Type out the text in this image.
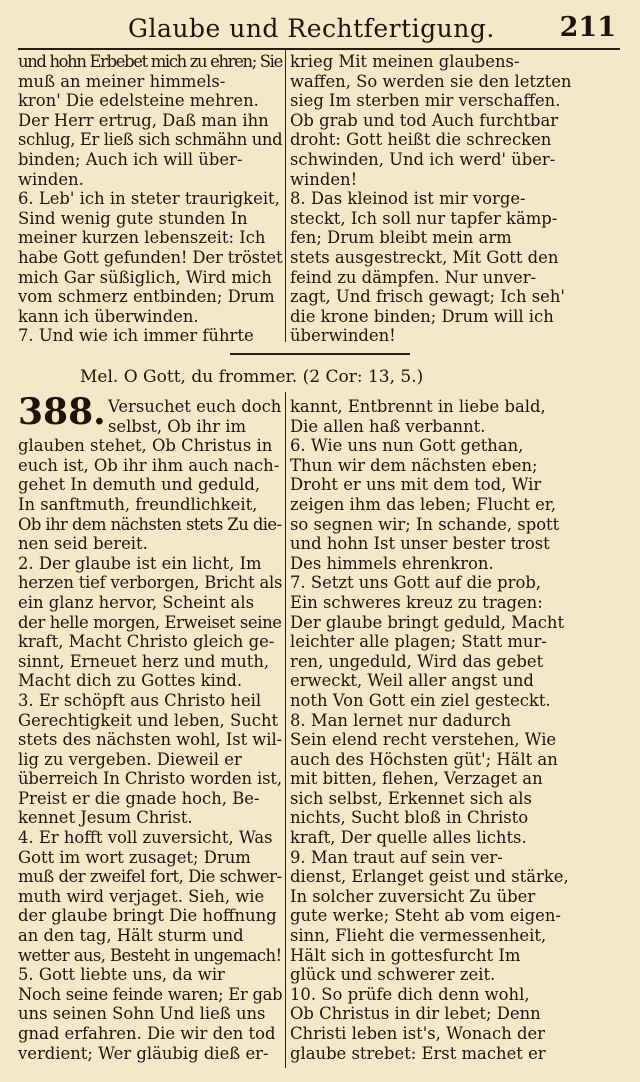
Glaube und Rechtfertigung. 211
und hohn Erbebet mich zu ehren; Sie
muß an meiner himmels-
kron' Die edelsteine mehren.
Der Herr ertrug, Daß man ihn
schlug, Er ließ sich schmähn und
binden; Auch ich will über-
winden.
6. Leb' ich in steter traurigkeit,
Sind wenig gute stunden In
meiner kurzen lebenszeit: Ich
habe Gott gefunden! Der tröstet
mich Gar süßiglich, Wird mich
vom schmerz entbinden; Drum
kann ich überwinden.
7. Und wie ich immer führte
krieg Mit meinen glaubens-
waffen, So werden sie den letzten
sieg Im sterben mir verschaffen.
Ob grab und tod Auch furchtbar
droht: Gott heißt die schrecken
schwinden, Und ich werd' über-
winden!
8. Das kleinod ist mir vorge-
steckt, Ich soll nur tapfer kämp-
fen; Drum bleibt mein arm
stets ausgestreckt, Mit Gott den
feind zu dämpfen. Nur unver-
zagt, Und frisch gewagt; Ich seh'
die krone binden; Drum will ich
überwinden!
Mel. O Gott, du frommer. (2 Cor: 13, 5.)
388. Versuchet euch doch
selbst, Ob ihr im
glauben stehet, Ob Christus in
euch ist, Ob ihr ihm auch nach-
gehet In demuth und geduld,
In sanftmuth, freundlichkeit,
Ob ihr dem nächsten stets Zu die-
nen seid bereit.
2. Der glaube ist ein licht, Im
herzen tief verborgen, Bricht als
ein glanz hervor, Scheint als
der helle morgen, Erweiset seine
kraft, Macht Christo gleich ge-
sinnt, Erneuet herz und muth,
Macht dich zu Gottes kind.
3. Er schöpft aus Christo heil
Gerechtigkeit und leben, Sucht
stets des nächsten wohl, Ist wil-
lig zu vergeben. Dieweil er
überreich In Christo worden ist,
Preist er die gnade hoch, Be-
kennet Jesum Christ.
4. Er hofft voll zuversicht, Was
Gott im wort zusaget; Drum
muß der zweifel fort, Die schwer-
muth wird verjaget. Sieh, wie
der glaube bringt Die hoffnung
an den tag, Hält sturm und
wetter aus, Besteht in ungemach!
5. Gott liebte uns, da wir
Noch seine feinde waren; Er gab
uns seinen Sohn Und ließ uns
gnad erfahren. Die wir den tod
verdient; Wer gläubig dieß er-
kannt, Entbrennt in liebe bald,
Die allen haß verbannt.
6. Wie uns nun Gott gethan,
Thun wir dem nächsten eben;
Droht er uns mit dem tod, Wir
zeigen ihm das leben; Flucht er,
so segnen wir; In schande, spott
und hohn Ist unser bester trost
Des himmels ehrenkron.
7. Setzt uns Gott auf die prob,
Ein schweres kreuz zu tragen:
Der glaube bringt geduld, Macht
leichter alle plagen; Statt mur-
ren, ungeduld, Wird das gebet
erweckt, Weil aller angst und
noth Von Gott ein ziel gesteckt.
8. Man lernet nur dadurch
Sein elend recht verstehen, Wie
auch des Höchsten güt'; Hält an
mit bitten, flehen, Verzaget an
sich selbst, Erkennet sich als
nichts, Sucht bloß in Christo
kraft, Der quelle alles lichts.
9. Man traut auf sein ver-
dienst, Erlanget geist und stärke,
In solcher zuversicht Zu über
gute werke; Steht ab vom eigen-
sinn, Flieht die vermessenheit,
Hält sich in gottesfurcht Im
glück und schwerer zeit.
10. So prüfe dich denn wohl,
Ob Christus in dir lebet; Denn
Christi leben ist's, Wonach der
glaube strebet: Erst machet er
